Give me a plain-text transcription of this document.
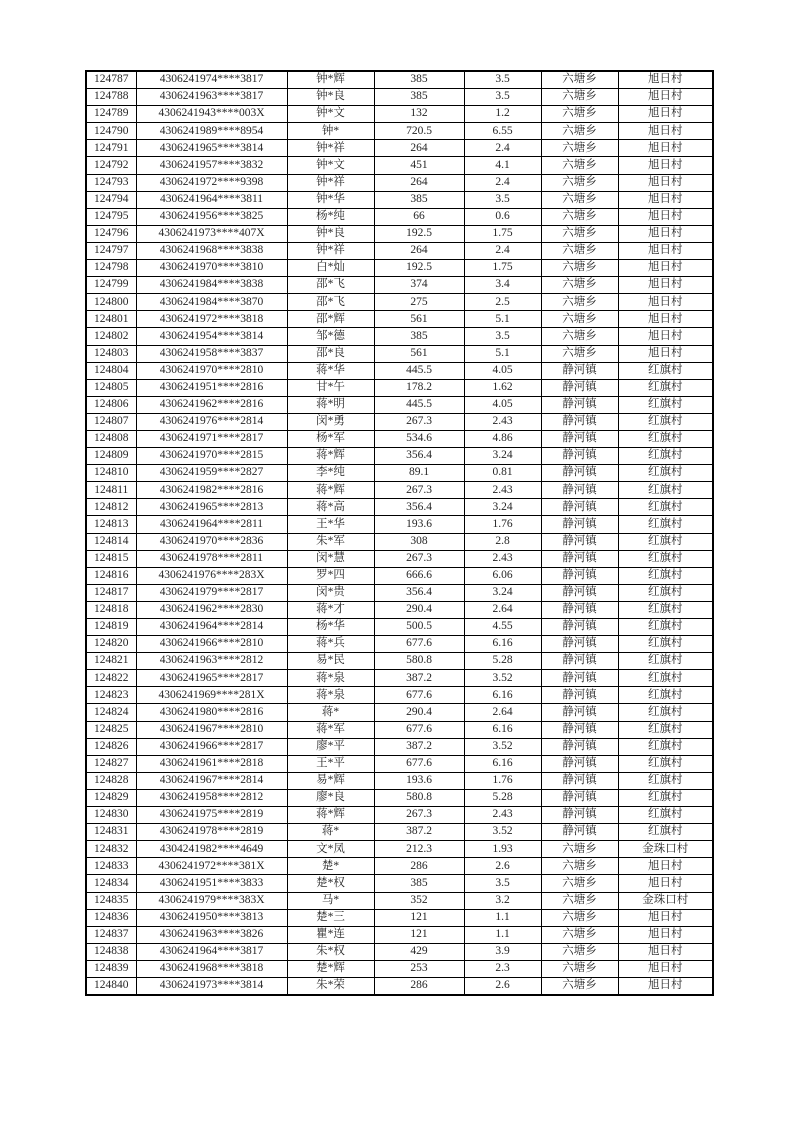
124787	4306241974****3817	钟*辉	385	3.5	六塘乡	旭日村
124788	4306241963****3817	钟*良	385	3.5	六塘乡	旭日村
124789	4306241943****003X	钟*文	132	1.2	六塘乡	旭日村
124790	4306241989****8954	钟*	720.5	6.55	六塘乡	旭日村
124791	4306241965****3814	钟*祥	264	2.4	六塘乡	旭日村
124792	4306241957****3832	钟*文	451	4.1	六塘乡	旭日村
124793	4306241972****9398	钟*祥	264	2.4	六塘乡	旭日村
124794	4306241964****3811	钟*华	385	3.5	六塘乡	旭日村
124795	4306241956****3825	杨*纯	66	0.6	六塘乡	旭日村
124796	4306241973****407X	钟*良	192.5	1.75	六塘乡	旭日村
124797	4306241968****3838	钟*祥	264	2.4	六塘乡	旭日村
124798	4306241970****3810	白*灿	192.5	1.75	六塘乡	旭日村
124799	4306241984****3838	邵*飞	374	3.4	六塘乡	旭日村
124800	4306241984****3870	邵*飞	275	2.5	六塘乡	旭日村
124801	4306241972****3818	邵*辉	561	5.1	六塘乡	旭日村
124802	4306241954****3814	邹*德	385	3.5	六塘乡	旭日村
124803	4306241958****3837	邵*良	561	5.1	六塘乡	旭日村
124804	4306241970****2810	蒋*华	445.5	4.05	静河镇	红旗村
124805	4306241951****2816	甘*午	178.2	1.62	静河镇	红旗村
124806	4306241962****2816	蒋*明	445.5	4.05	静河镇	红旗村
124807	4306241976****2814	闵*勇	267.3	2.43	静河镇	红旗村
124808	4306241971****2817	杨*军	534.6	4.86	静河镇	红旗村
124809	4306241970****2815	蒋*辉	356.4	3.24	静河镇	红旗村
124810	4306241959****2827	李*纯	89.1	0.81	静河镇	红旗村
124811	4306241982****2816	蒋*辉	267.3	2.43	静河镇	红旗村
124812	4306241965****2813	蒋*高	356.4	3.24	静河镇	红旗村
124813	4306241964****2811	王*华	193.6	1.76	静河镇	红旗村
124814	4306241970****2836	朱*军	308	2.8	静河镇	红旗村
124815	4306241978****2811	闵*慧	267.3	2.43	静河镇	红旗村
124816	4306241976****283X	罗*四	666.6	6.06	静河镇	红旗村
124817	4306241979****2817	闵*贵	356.4	3.24	静河镇	红旗村
124818	4306241962****2830	蒋*才	290.4	2.64	静河镇	红旗村
124819	4306241964****2814	杨*华	500.5	4.55	静河镇	红旗村
124820	4306241966****2810	蒋*兵	677.6	6.16	静河镇	红旗村
124821	4306241963****2812	易*民	580.8	5.28	静河镇	红旗村
124822	4306241965****2817	蒋*泉	387.2	3.52	静河镇	红旗村
124823	4306241969****281X	蒋*泉	677.6	6.16	静河镇	红旗村
124824	4306241980****2816	蒋*	290.4	2.64	静河镇	红旗村
124825	4306241967****2810	蒋*军	677.6	6.16	静河镇	红旗村
124826	4306241966****2817	廖*平	387.2	3.52	静河镇	红旗村
124827	4306241961****2818	王*平	677.6	6.16	静河镇	红旗村
124828	4306241967****2814	易*辉	193.6	1.76	静河镇	红旗村
124829	4306241958****2812	廖*良	580.8	5.28	静河镇	红旗村
124830	4306241975****2819	蒋*辉	267.3	2.43	静河镇	红旗村
124831	4306241978****2819	蒋*	387.2	3.52	静河镇	红旗村
124832	4304241982****4649	文*凤	212.3	1.93	六塘乡	金珠口村
124833	4306241972****381X	楚*	286	2.6	六塘乡	旭日村
124834	4306241951****3833	楚*权	385	3.5	六塘乡	旭日村
124835	4306241979****383X	马*	352	3.2	六塘乡	金珠口村
124836	4306241950****3813	楚*三	121	1.1	六塘乡	旭日村
124837	4306241963****3826	瞿*连	121	1.1	六塘乡	旭日村
124838	4306241964****3817	朱*权	429	3.9	六塘乡	旭日村
124839	4306241968****3818	楚*辉	253	2.3	六塘乡	旭日村
124840	4306241973****3814	朱*荣	286	2.6	六塘乡	旭日村
